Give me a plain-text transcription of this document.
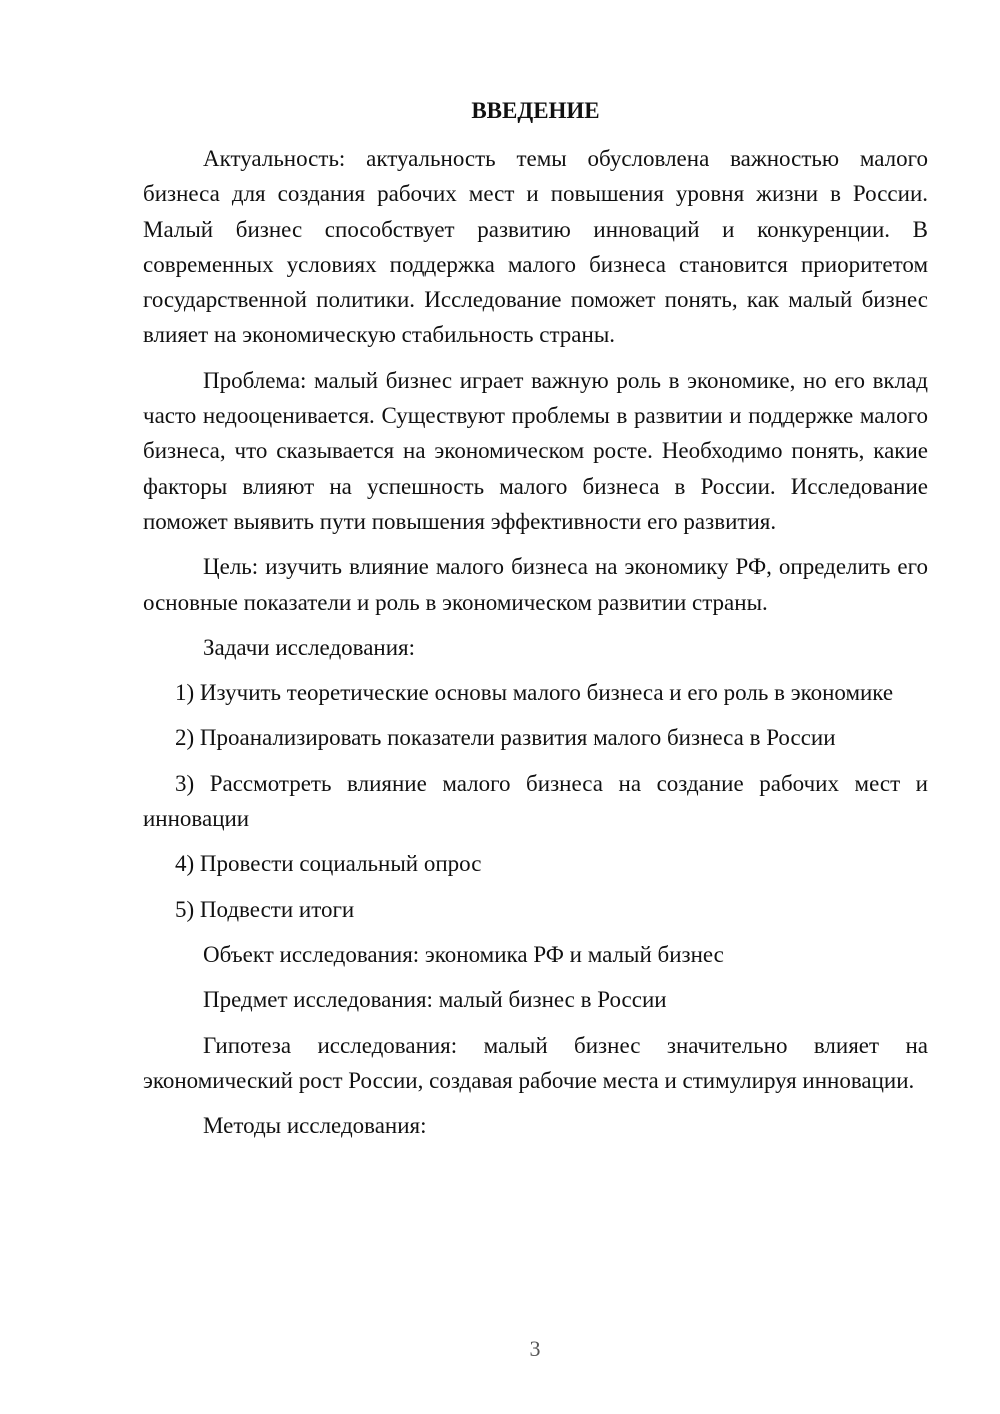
ВВЕДЕНИЕ

Актуальность: актуальность темы обусловлена важностью малого бизнеса для создания рабочих мест и повышения уровня жизни в России. Малый бизнес способствует развитию инноваций и конкуренции. В современных условиях поддержка малого бизнеса становится приоритетом государственной политики. Исследование поможет понять, как малый бизнес влияет на экономическую стабильность страны.

Проблема: малый бизнес играет важную роль в экономике, но его вклад часто недооценивается. Существуют проблемы в развитии и поддержке малого бизнеса, что сказывается на экономическом росте. Необходимо понять, какие факторы влияют на успешность малого бизнеса в России. Исследование поможет выявить пути повышения эффективности его развития.

Цель: изучить влияние малого бизнеса на экономику РФ, определить его основные показатели и роль в экономическом развитии страны.

Задачи исследования:

1) Изучить теоретические основы малого бизнеса и его роль в экономике

2) Проанализировать показатели развития малого бизнеса в России

3) Рассмотреть влияние малого бизнеса на создание рабочих мест и инновации

4) Провести социальный опрос

5) Подвести итоги

Объект исследования: экономика РФ и малый бизнес

Предмет исследования: малый бизнес в России

Гипотеза исследования: малый бизнес значительно влияет на экономический рост России, создавая рабочие места и стимулируя инновации.

Методы исследования:

3
